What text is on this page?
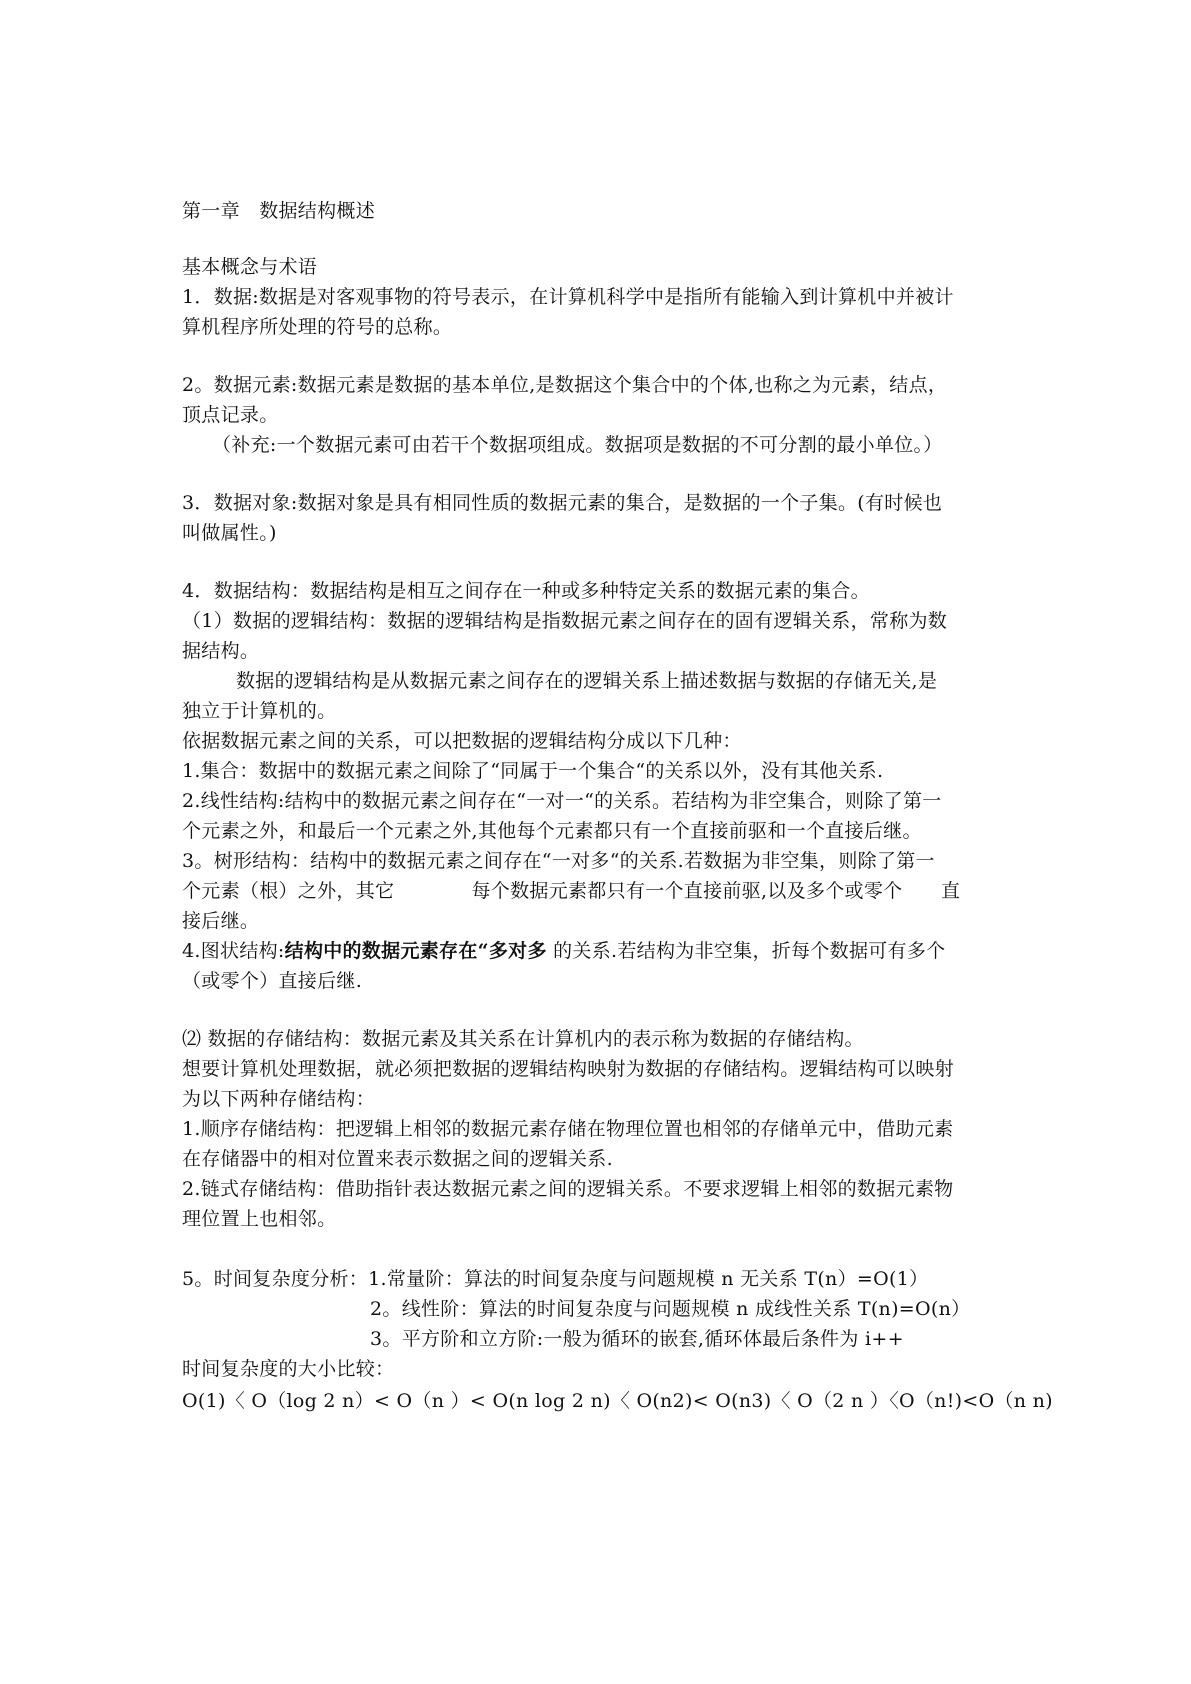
第一章　数据结构概述
基本概念与术语
1．数据:数据是对客观事物的符号表示，在计算机科学中是指所有能输入到计算机中并被计
算机程序所处理的符号的总称。
2。数据元素:数据元素是数据的基本单位,是数据这个集合中的个体,也称之为元素，结点，
顶点记录。
（补充:一个数据元素可由若干个数据项组成。数据项是数据的不可分割的最小单位。）
3．数据对象:数据对象是具有相同性质的数据元素的集合，是数据的一个子集。(有时候也
叫做属性。)
4．数据结构：数据结构是相互之间存在一种或多种特定关系的数据元素的集合。
（1）数据的逻辑结构：数据的逻辑结构是指数据元素之间存在的固有逻辑关系，常称为数
据结构。
数据的逻辑结构是从数据元素之间存在的逻辑关系上描述数据与数据的存储无关,是
独立于计算机的。
依据数据元素之间的关系，可以把数据的逻辑结构分成以下几种：
1.集合：数据中的数据元素之间除了“同属于一个集合“的关系以外，没有其他关系.
2.线性结构:结构中的数据元素之间存在“一对一“的关系。若结构为非空集合，则除了第一
个元素之外，和最后一个元素之外,其他每个元素都只有一个直接前驱和一个直接后继。
3。树形结构：结构中的数据元素之间存在“一对多“的关系.若数据为非空集，则除了第一
个元素（根）之外，其它　　　　每个数据元素都只有一个直接前驱,以及多个或零个　　直
接后继。
4.图状结构:结构中的数据元素存在“多对多 的关系.若结构为非空集，折每个数据可有多个
（或零个）直接后继.
⑵ 数据的存储结构：数据元素及其关系在计算机内的表示称为数据的存储结构。
想要计算机处理数据，就必须把数据的逻辑结构映射为数据的存储结构。逻辑结构可以映射
为以下两种存储结构：
1.顺序存储结构：把逻辑上相邻的数据元素存储在物理位置也相邻的存储单元中，借助元素
在存储器中的相对位置来表示数据之间的逻辑关系.
2.链式存储结构：借助指针表达数据元素之间的逻辑关系。不要求逻辑上相邻的数据元素物
理位置上也相邻。
5。时间复杂度分析：1.常量阶：算法的时间复杂度与问题规模 n 无关系 T(n）=O(1）
2。线性阶：算法的时间复杂度与问题规模 n 成线性关系 T(n)=O(n）
3。平方阶和立方阶:一般为循环的嵌套,循环体最后条件为 i++
时间复杂度的大小比较：
O(1)〈 O（log 2 n）< O（n ）< O(n log 2 n)〈 O(n2)< O(n3)〈 O（2 n ）〈O（n!)<O（n n)
